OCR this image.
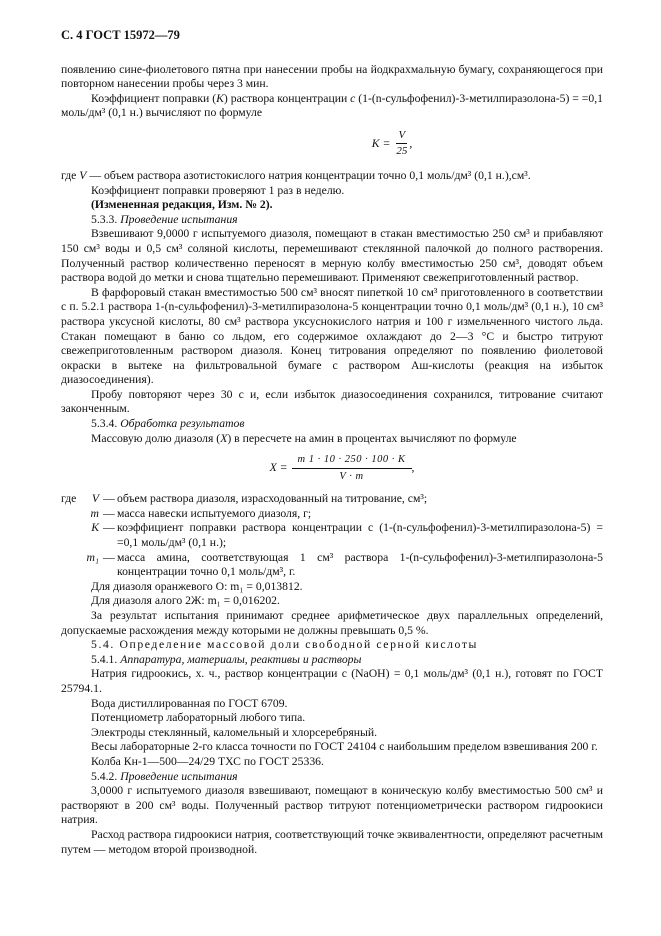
С. 4 ГОСТ 15972—79

появлению сине-фиолетового пятна при нанесении пробы на йодкрахмальную бумагу, сохраняющегося при повторном нанесении пробы через 3 мин.

Коэффициент поправки (K) раствора концентрации c (1-(n-сульфофенил)-3-метилпиразолона-5) = =0,1 моль/дм³ (0,1 н.) вычисляют по формуле

$K = \frac{V}{25}$ ,

где V — объем раствора азотистокислого натрия концентрации точно 0,1 моль/дм³ (0,1 н.),см³.

Коэффициент поправки проверяют 1 раз в неделю.

(Измененная редакция, Изм. № 2).

5.3.3. Проведение испытания

Взвешивают 9,0000 г испытуемого диазоля, помещают в стакан вместимостью 250 см³ и прибавляют 150 см³ воды и 0,5 см³ соляной кислоты, перемешивают стеклянной палочкой до полного растворения. Полученный раствор количественно переносят в мерную колбу вместимостью 250 см³, доводят объем раствора водой до метки и снова тщательно перемешивают. Применяют свежеприготовленный раствор.

В фарфоровый стакан вместимостью 500 см³ вносят пипеткой 10 см³ приготовленного в соответствии с п. 5.2.1 раствора 1-(n-сульфофенил)-3-метилпиразолона-5 концентрации точно 0,1 моль/дм³ (0,1 н.), 10 см³ раствора уксусной кислоты, 80 см³ раствора уксуснокислого натрия и 100 г измельченного чистого льда. Стакан помещают в баню со льдом, его содержимое охлаждают до 2—3 °С и быстро титруют свежеприготовленным раствором диазоля. Конец титрования определяют по появлению фиолетовой окраски в вытеке на фильтровальной бумаге с раствором Аш-кислоты (реакция на избыток диазосоединения).

Пробу повторяют через 30 с и, если избыток диазосоединения сохранился, титрование считают законченным.

5.3.4. Обработка результатов

Массовую долю диазоля (X) в пересчете на амин в процентах вычисляют по формуле

$X = \frac{m 1 \cdot 10 \cdot 250 \cdot 100 \cdot K}{V \cdot m}$ ,
где	V — объем раствора диазоля, израсходованный на титрование, см³;
m — масса навески испытуемого диазоля, г;
K — коэффициент поправки раствора концентрации c (1-(n-сульфофенил)-3-метилпиразолона-5) = =0,1 моль/дм³ (0,1 н.);
m₁ — масса амина, соответствующая 1 см³ раствора 1-(n-сульфофенил)-3-метилпиразолона-5 концентрации точно 0,1 моль/дм³, г.

Для диазоля оранжевого О: m₁ = 0,013812.

Для диазоля алого 2Ж: m₁ = 0,016202.

За результат испытания принимают среднее арифметическое двух параллельных определений, допускаемые расхождения между которыми не должны превышать 0,5 %.

5.4. Определение массовой доли свободной серной кислоты

5.4.1. Аппаратура, материалы, реактивы и растворы

Натрия гидроокись, х. ч., раствор концентрации c (NaOH) = 0,1 моль/дм³ (0,1 н.), готовят по ГОСТ 25794.1.

Вода дистиллированная по ГОСТ 6709.

Потенциометр лабораторный любого типа.

Электроды стеклянный, каломельный и хлорсеребряный.

Весы лабораторные 2-го класса точности по ГОСТ 24104 с наибольшим пределом взвешивания 200 г.

Колба Кн-1—500—24/29 ТХС по ГОСТ 25336.

5.4.2. Проведение испытания

3,0000 г испытуемого диазоля взвешивают, помещают в коническую колбу вместимостью 500 см³ и растворяют в 200 см³ воды. Полученный раствор титруют потенциометрически раствором гидроокиси натрия.

Расход раствора гидроокиси натрия, соответствующий точке эквивалентности, определяют расчетным путем — методом второй производной.
